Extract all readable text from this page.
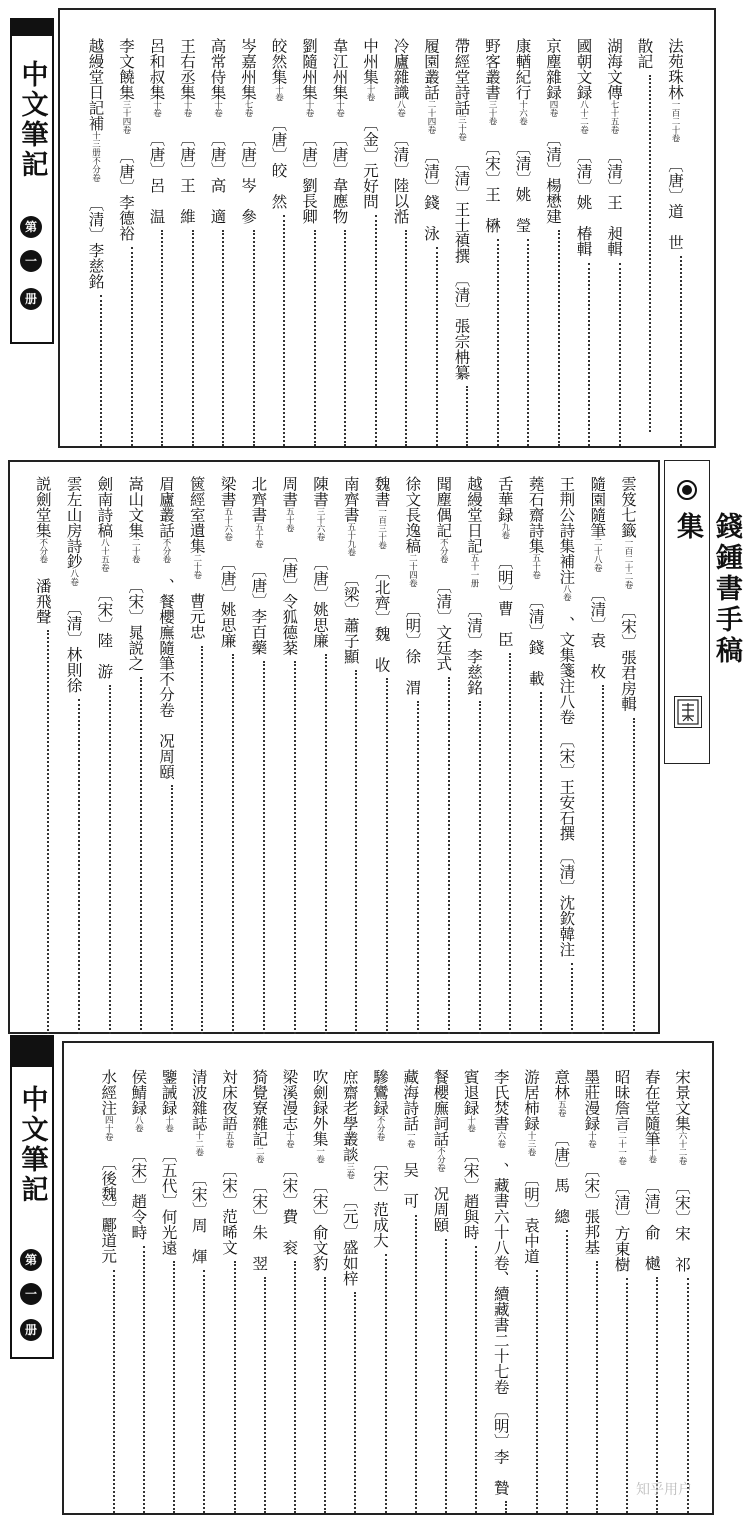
中文筆記
第
一
册
法苑珠林一百二十卷〔唐〕道　世
散記
湖海文傳七十五卷〔清〕王　昶輯
國朝文録八十二卷〔清〕姚　椿輯
京塵雜録四卷〔清〕楊懋建
康輶紀行十六卷〔清〕姚　瑩
野客叢書三十卷〔宋〕王　楙
帶經堂詩話三十卷〔清〕王士禛撰　〔清〕張宗柟纂
履園叢話二十四卷〔清〕錢　泳
冷廬雜識八卷〔清〕陸以湉
中州集十卷〔金〕元好問
韋江州集十卷〔唐〕韋應物
劉隨州集十卷〔唐〕劉長卿
皎然集十卷〔唐〕皎　然
岑嘉州集七卷〔唐〕岑　參
高常侍集十卷〔唐〕高　適
王右丞集十卷〔唐〕王　維
呂和叔集十卷〔唐〕呂　温
李文饒集三十四卷〔唐〕李德裕
越縵堂日記補十三册不分卷〔清〕李慈銘
錢鍾書手稿集
雲笈七籤一百二十二卷〔宋〕張君房輯
隨園隨筆二十八卷〔清〕袁　枚
王荆公詩集補注八卷、文集箋注八卷　〔宋〕王安石撰　〔清〕沈欽韓注
蕘石齋詩集五十卷〔清〕錢　載
舌華録九卷〔明〕曹　臣
越縵堂日記五十一册〔清〕李慈銘
聞塵偶記不分卷〔清〕文廷式
徐文長逸稿二十四卷〔明〕徐　渭
魏書一百三十卷〔北齊〕魏　收
南齊書五十九卷〔梁〕蕭子顯
陳書三十六卷〔唐〕姚思廉
周書五十卷〔唐〕令狐德棻
北齊書五十卷〔唐〕李百藥
梁書五十六卷〔唐〕姚思廉
篋經室遺集二十卷曹元忠
眉廬叢話不分卷、餐櫻廡隨筆不分卷　况周頤
嵩山文集二十卷〔宋〕晁説之
劍南詩稿八十五卷〔宋〕陸　游
雲左山房詩鈔八卷〔清〕林則徐
説劍堂集不分卷潘飛聲
中文筆記
第
一
册
宋景文集六十二卷〔宋〕宋　祁
春在堂隨筆十卷〔清〕俞　樾
昭昧詹言二十一卷〔清〕方東樹
墨莊漫録十卷〔宋〕張邦基
意林五卷〔唐〕馬　總
游居柿録十三卷〔明〕袁中道
李氏焚書六卷、藏書六十八卷、續藏書二十七卷　〔明〕李　贄
賓退録十卷〔宋〕趙與時
餐櫻廡詞話不分卷况周頤
藏海詩話一卷吴　可
驂鸞録不分卷〔宋〕范成大
庶齋老學叢談三卷〔元〕盛如梓
吹劍録外集一卷〔宋〕俞文豹
梁溪漫志十卷〔宋〕費　衮
猗覺寮雜記二卷〔宋〕朱　翌
対床夜語五卷〔宋〕范晞文
清波雜誌十二卷〔宋〕周　煇
鑒誡録十卷〔五代〕何光遠
侯鯖録八卷〔宋〕趙令畤
水經注四十卷〔後魏〕酈道元
知乎用户
